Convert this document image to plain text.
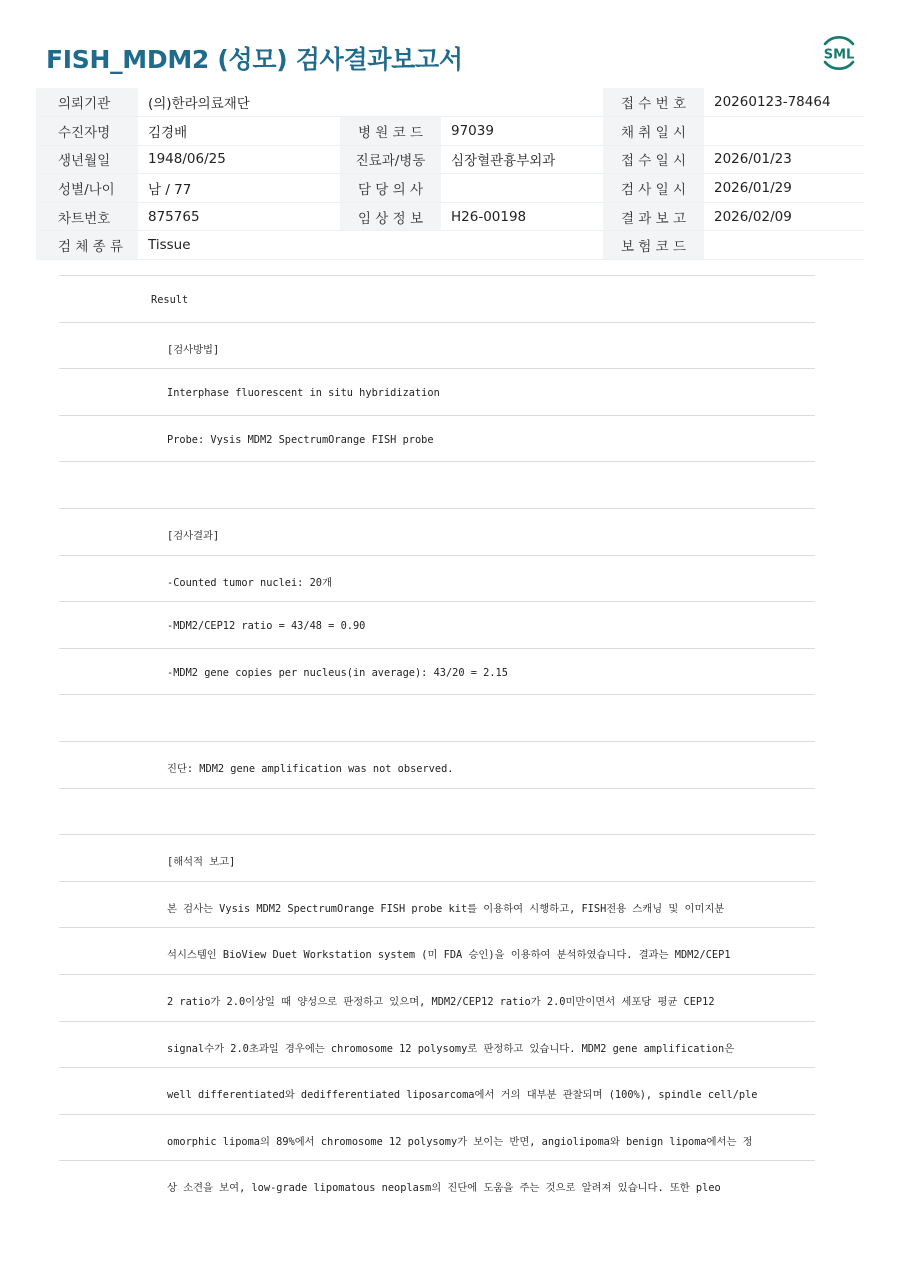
FISH_MDM2 (성모) 검사결과보고서	SML
의뢰기관	(의)한라의료재단			접 수 번 호	20260123-78464
수진자명	김경배	병 원 코 드	97039	채 취 일 시	
생년월일	1948/06/25	진료과/병동	심장혈관흉부외과	접 수 일 시	2026/01/23
성별/나이	남 / 77	담 당 의 사		검 사 일 시	2026/01/29
차트번호	875765	임 상 정 보	H26-00198	결 과 보 고	2026/02/09
검 체 종 류	Tissue			보 험 코 드	
Result
[검사방법]
Interphase fluorescent in situ hybridization
Probe: Vysis MDM2 SpectrumOrange FISH probe
[검사결과]
-Counted tumor nuclei: 20개
-MDM2/CEP12 ratio = 43/48 = 0.90
-MDM2 gene copies per nucleus(in average): 43/20 = 2.15
진단: MDM2 gene amplification was not observed.
[해석적 보고]
본 검사는 Vysis MDM2 SpectrumOrange FISH probe kit를 이용하여 시행하고, FISH전용 스캐닝 및 이미지분
석시스템인 BioView Duet Workstation system (미 FDA 승인)을 이용하여 분석하였습니다. 결과는 MDM2/CEP1
2 ratio가 2.0이상일 때 양성으로 판정하고 있으며, MDM2/CEP12 ratio가 2.0미만이면서 세포당 평균 CEP12
signal수가 2.0초과일 경우에는 chromosome 12 polysomy로 판정하고 있습니다. MDM2 gene amplification은
well differentiated와 dedifferentiated liposarcoma에서 거의 대부분 관찰되며 (100%), spindle cell/ple
omorphic lipoma의 89%에서 chromosome 12 polysomy가 보이는 반면, angiolipoma와 benign lipoma에서는 정
상 소견을 보여, low-grade lipomatous neoplasm의 진단에 도움을 주는 것으로 알려져 있습니다. 또한 pleo
